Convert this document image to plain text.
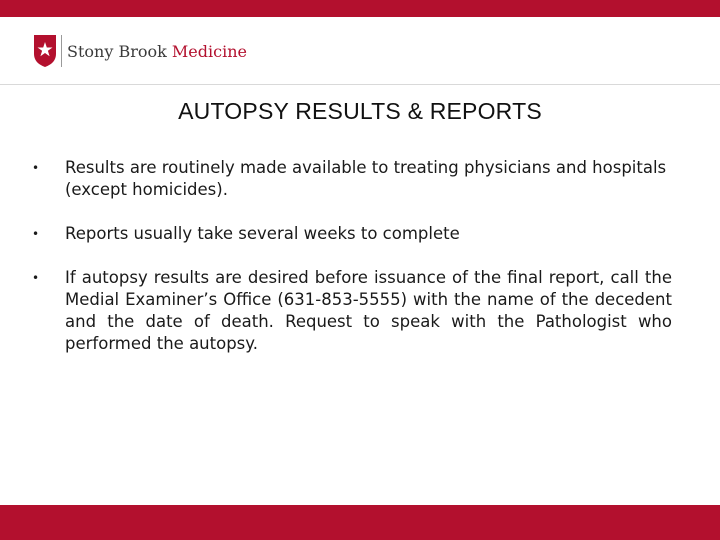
Stony Brook Medicine
AUTOPSY RESULTS & REPORTS
• Results are routinely made available to treating physicians and hospitals (except homicides).
• Reports usually take several weeks to complete
• If autopsy results are desired before issuance of the final report, call the Medial Examiner’s Office (631-853-5555) with the name of the decedent and the date of death. Request to speak with the Pathologist who performed the autopsy.
